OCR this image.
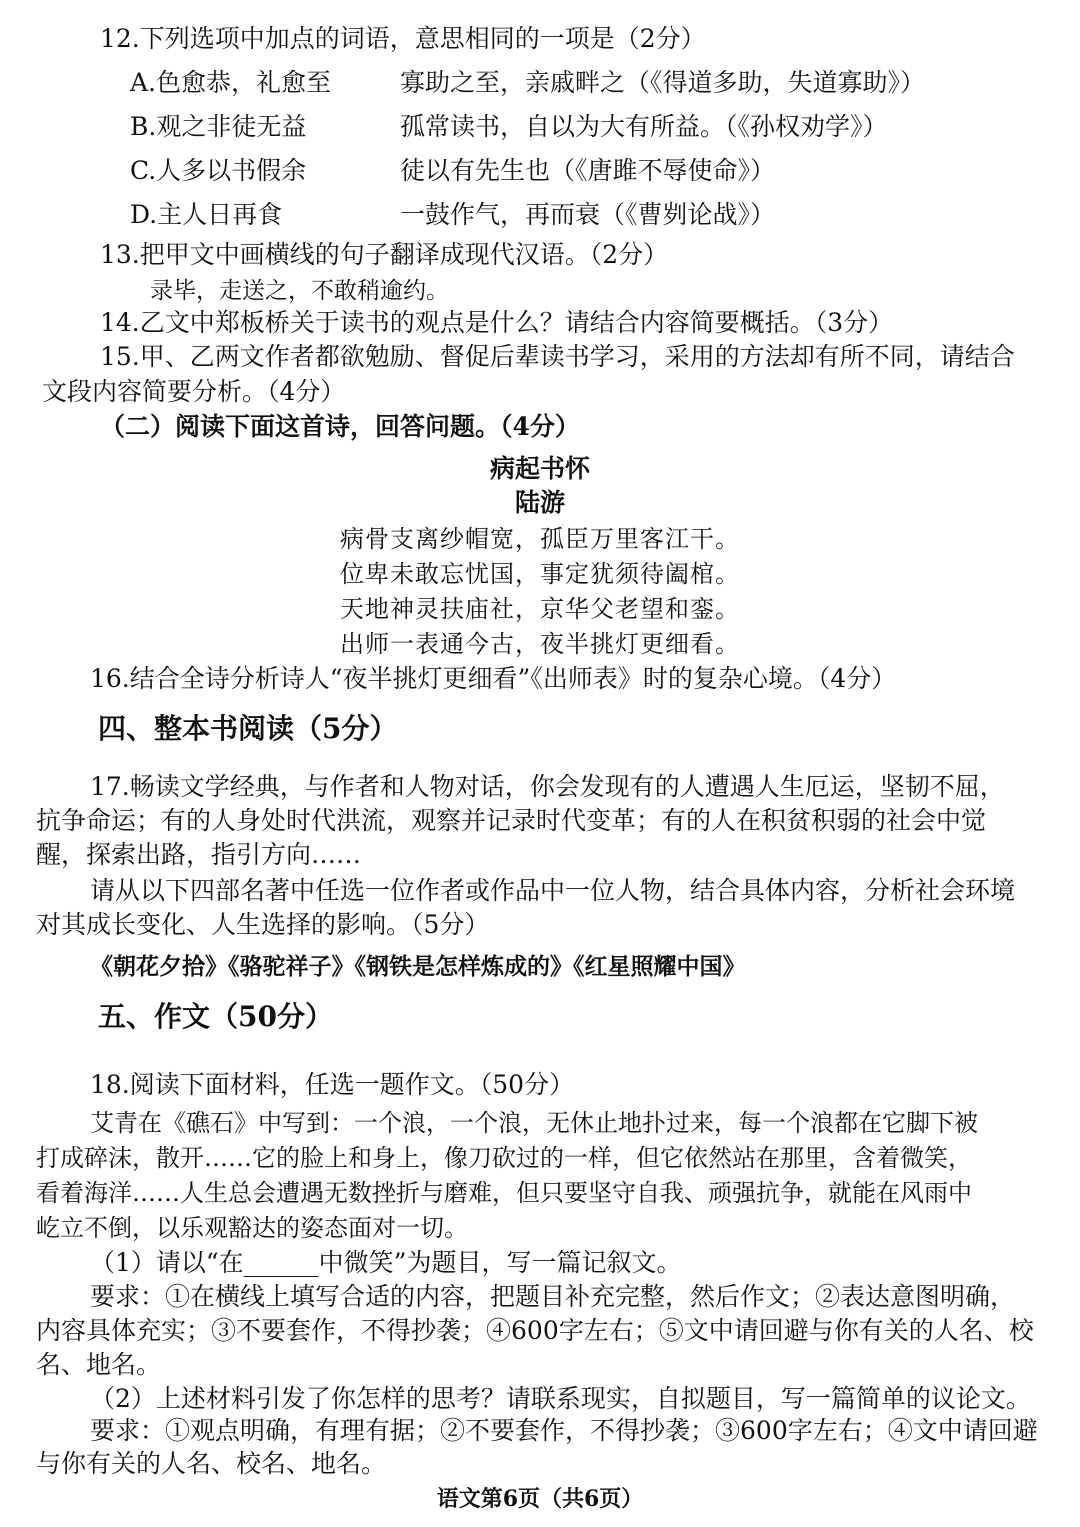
12.下列选项中加点的词语，意思相同的一项是（2分）
A.色愈恭，礼愈至	寡助之至，亲戚畔之（《得道多助，失道寡助》）
B.观之非徒无益	孤常读书，自以为大有所益。（《孙权劝学》）
C.人多以书假余	徒以有先生也（《唐雎不辱使命》）
D.主人日再食	一鼓作气，再而衰（《曹刿论战》）
13.把甲文中画横线的句子翻译成现代汉语。（2分）
录毕，走送之，不敢稍逾约。
14.乙文中郑板桥关于读书的观点是什么？请结合内容简要概括。（3分）
15.甲、乙两文作者都欲勉励、督促后辈读书学习，采用的方法却有所不同，请结合
文段内容简要分析。（4分）
（二）阅读下面这首诗，回答问题。（4分）
病起书怀
陆游
病骨支离纱帽宽，孤臣万里客江干。
位卑未敢忘忧国，事定犹须待阖棺。
天地神灵扶庙社，京华父老望和銮。
出师一表通今古，夜半挑灯更细看。
16.结合全诗分析诗人“夜半挑灯更细看”《出师表》时的复杂心境。（4分）
四、整本书阅读（5分）
17.畅读文学经典，与作者和人物对话，你会发现有的人遭遇人生厄运，坚韧不屈，
抗争命运；有的人身处时代洪流，观察并记录时代变革；有的人在积贫积弱的社会中觉
醒，探索出路，指引方向……
请从以下四部名著中任选一位作者或作品中一位人物，结合具体内容，分析社会环境
对其成长变化、人生选择的影响。（5分）
《朝花夕拾》《骆驼祥子》《钢铁是怎样炼成的》《红星照耀中国》
五、作文（50分）
18.阅读下面材料，任选一题作文。（50分）
艾青在《礁石》中写到：一个浪，一个浪，无休止地扑过来，每一个浪都在它脚下被
打成碎沫，散开……它的脸上和身上，像刀砍过的一样，但它依然站在那里，含着微笑，
看着海洋……人生总会遭遇无数挫折与磨难，但只要坚守自我、顽强抗争，就能在风雨中
屹立不倒，以乐观豁达的姿态面对一切。
（1）请以“在______中微笑”为题目，写一篇记叙文。
要求：①在横线上填写合适的内容，把题目补充完整，然后作文；②表达意图明确，
内容具体充实；③不要套作，不得抄袭；④600字左右；⑤文中请回避与你有关的人名、校
名、地名。
（2）上述材料引发了你怎样的思考？请联系现实，自拟题目，写一篇简单的议论文。
要求：①观点明确，有理有据；②不要套作，不得抄袭；③600字左右；④文中请回避
与你有关的人名、校名、地名。
语文第6页（共6页）
